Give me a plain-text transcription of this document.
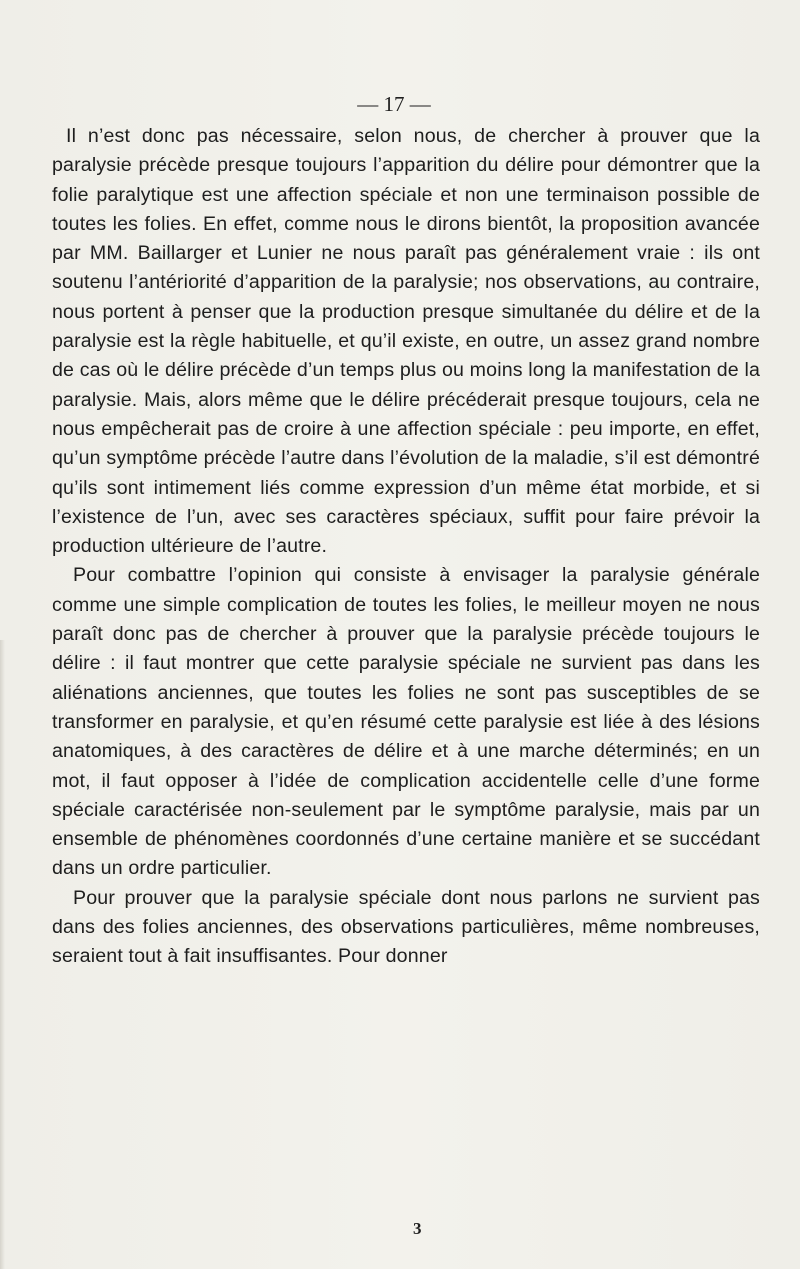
— 17 —

Il n’est donc pas nécessaire, selon nous, de chercher à prouver que la paralysie précède presque toujours l’apparition du délire pour démontrer que la folie paralytique est une affection spéciale et non une terminaison possible de toutes les folies. En effet, comme nous le dirons bientôt, la proposition avancée par MM. Baillarger et Lunier ne nous paraît pas généralement vraie : ils ont soutenu l’antériorité d’apparition de la paralysie; nos observations, au contraire, nous portent à penser que la production presque simultanée du délire et de la paralysie est la règle habituelle, et qu’il existe, en outre, un assez grand nombre de cas où le délire précède d’un temps plus ou moins long la manifestation de la paralysie. Mais, alors même que le délire précéderait presque toujours, cela ne nous empêcherait pas de croire à une affection spéciale : peu importe, en effet, qu’un symptôme précède l’autre dans l’évolution de la maladie, s’il est démontré qu’ils sont intimement liés comme expression d’un même état morbide, et si l’existence de l’un, avec ses caractères spéciaux, suffit pour faire prévoir la production ultérieure de l’autre.

Pour combattre l’opinion qui consiste à envisager la paralysie générale comme une simple complication de toutes les folies, le meilleur moyen ne nous paraît donc pas de chercher à prouver que la paralysie précède toujours le délire : il faut montrer que cette paralysie spéciale ne survient pas dans les aliénations anciennes, que toutes les folies ne sont pas susceptibles de se transformer en paralysie, et qu’en résumé cette paralysie est liée à des lésions anatomiques, à des caractères de délire et à une marche déterminés; en un mot, il faut opposer à l’idée de complication accidentelle celle d’une forme spéciale caractérisée non-seulement par le symptôme paralysie, mais par un ensemble de phénomènes coordonnés d’une certaine manière et se succédant dans un ordre particulier.

Pour prouver que la paralysie spéciale dont nous parlons ne survient pas dans des folies anciennes, des observations particulières, même nombreuses, seraient tout à fait insuffisantes. Pour donner

3
